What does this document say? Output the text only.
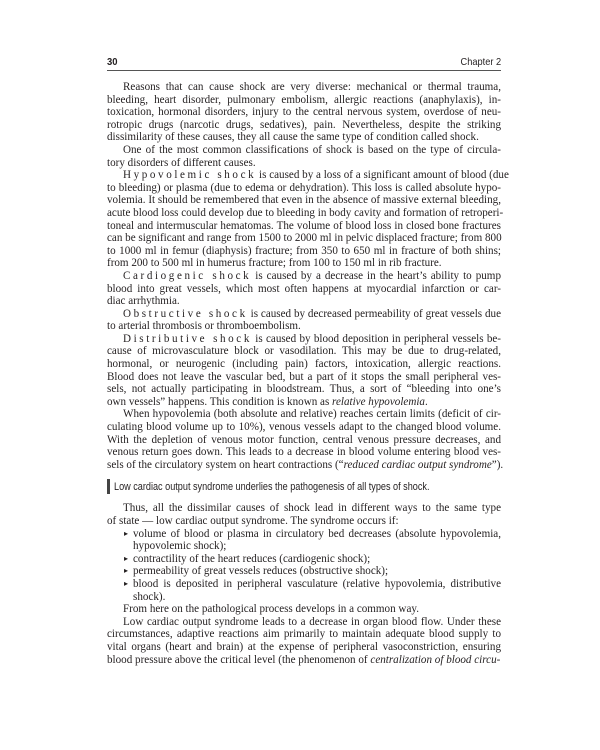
30	Chapter 2
Reasons that can cause shock are very diverse: mechanical or thermal trauma,
bleeding, heart disorder, pulmonary embolism, allergic reactions (anaphylaxis), in-
toxication, hormonal disorders, injury to the central nervous system, overdose of neu-
rotropic drugs (narcotic drugs, sedatives), pain. Nevertheless, despite the striking
dissimilarity of these causes, they all cause the same type of condition called shock.
One of the most common classifications of shock is based on the type of circula-
tory disorders of different causes.
Hypovolemic shock is caused by a loss of a significant amount of blood (due
to bleeding) or plasma (due to edema or dehydration). This loss is called absolute hypo-
volemia. It should be remembered that even in the absence of massive external bleeding,
acute blood loss could develop due to bleeding in body cavity and formation of retroperi-
toneal and intermuscular hematomas. The volume of blood loss in closed bone fractures
can be significant and range from 1500 to 2000 ml in pelvic displaced fracture; from 800
to 1000 ml in femur (diaphysis) fracture; from 350 to 650 ml in fracture of both shins;
from 200 to 500 ml in humerus fracture; from 100 to 150 ml in rib fracture.
Cardiogenic shock is caused by a decrease in the heart’s ability to pump
blood into great vessels, which most often happens at myocardial infarction or car-
diac arrhythmia.
Obstructive shock is caused by decreased permeability of great vessels due
to arterial thrombosis or thromboembolism.
Distributive shock is caused by blood deposition in peripheral vessels be-
cause of microvasculature block or vasodilation. This may be due to drug-related,
hormonal, or neurogenic (including pain) factors, intoxication, allergic reactions.
Blood does not leave the vascular bed, but a part of it stops the small peripheral ves-
sels, not actually participating in bloodstream. Thus, a sort of “bleeding into one’s
own vessels” happens. This condition is known as relative hypovolemia.
When hypovolemia (both absolute and relative) reaches certain limits (deficit of cir-
culating blood volume up to 10%), venous vessels adapt to the changed blood volume.
With the depletion of venous motor function, central venous pressure decreases, and
venous return goes down. This leads to a decrease in blood volume entering blood ves-
sels of the circulatory system on heart contractions (“reduced cardiac output syndrome”).
Low cardiac output syndrome underlies the pathogenesis of all types of shock.
Thus, all the dissimilar causes of shock lead in different ways to the same type
of state — low cardiac output syndrome. The syndrome occurs if:
▸ volume of blood or plasma in circulatory bed decreases (absolute hypovolemia,
hypovolemic shock);
▸ contractility of the heart reduces (cardiogenic shock);
▸ permeability of great vessels reduces (obstructive shock);
▸ blood is deposited in peripheral vasculature (relative hypovolemia, distributive
shock).
From here on the pathological process develops in a common way.
Low cardiac output syndrome leads to a decrease in organ blood flow. Under these
circumstances, adaptive reactions aim primarily to maintain adequate blood supply to
vital organs (heart and brain) at the expense of peripheral vasoconstriction, ensuring
blood pressure above the critical level (the phenomenon of centralization of blood circu-
